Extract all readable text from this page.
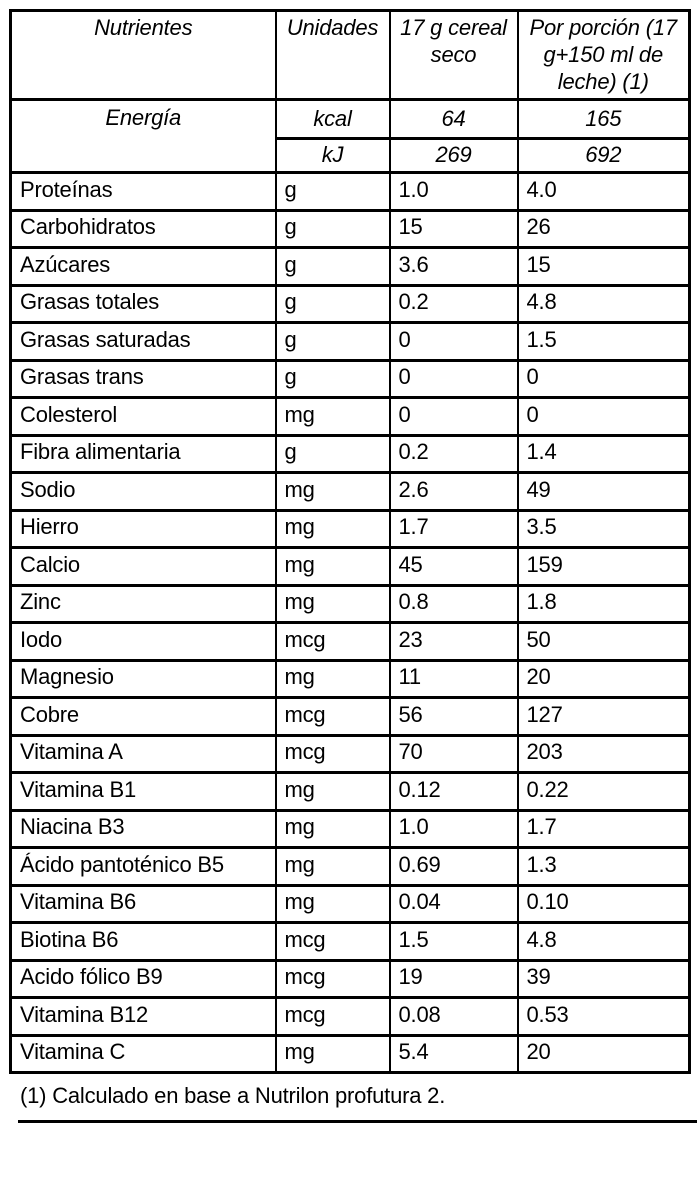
Nutrientes	Unidades	17 g cereal seco	Por porción (17 g+150 ml de leche) (1)
Energía	kcal	64	165
	kJ	269	692
Proteínas	g	1.0	4.0
Carbohidratos	g	15	26
Azúcares	g	3.6	15
Grasas totales	g	0.2	4.8
Grasas saturadas	g	0	1.5
Grasas trans	g	0	0
Colesterol	mg	0	0
Fibra alimentaria	g	0.2	1.4
Sodio	mg	2.6	49
Hierro	mg	1.7	3.5
Calcio	mg	45	159
Zinc	mg	0.8	1.8
Iodo	mcg	23	50
Magnesio	mg	11	20
Cobre	mcg	56	127
Vitamina A	mcg	70	203
Vitamina B1	mg	0.12	0.22
Niacina B3	mg	1.0	1.7
Ácido pantoténico B5	mg	0.69	1.3
Vitamina B6	mg	0.04	0.10
Biotina B6	mcg	1.5	4.8
Acido fólico B9	mcg	19	39
Vitamina B12	mcg	0.08	0.53
Vitamina C	mg	5.4	20
(1) Calculado en base a Nutrilon profutura 2.
